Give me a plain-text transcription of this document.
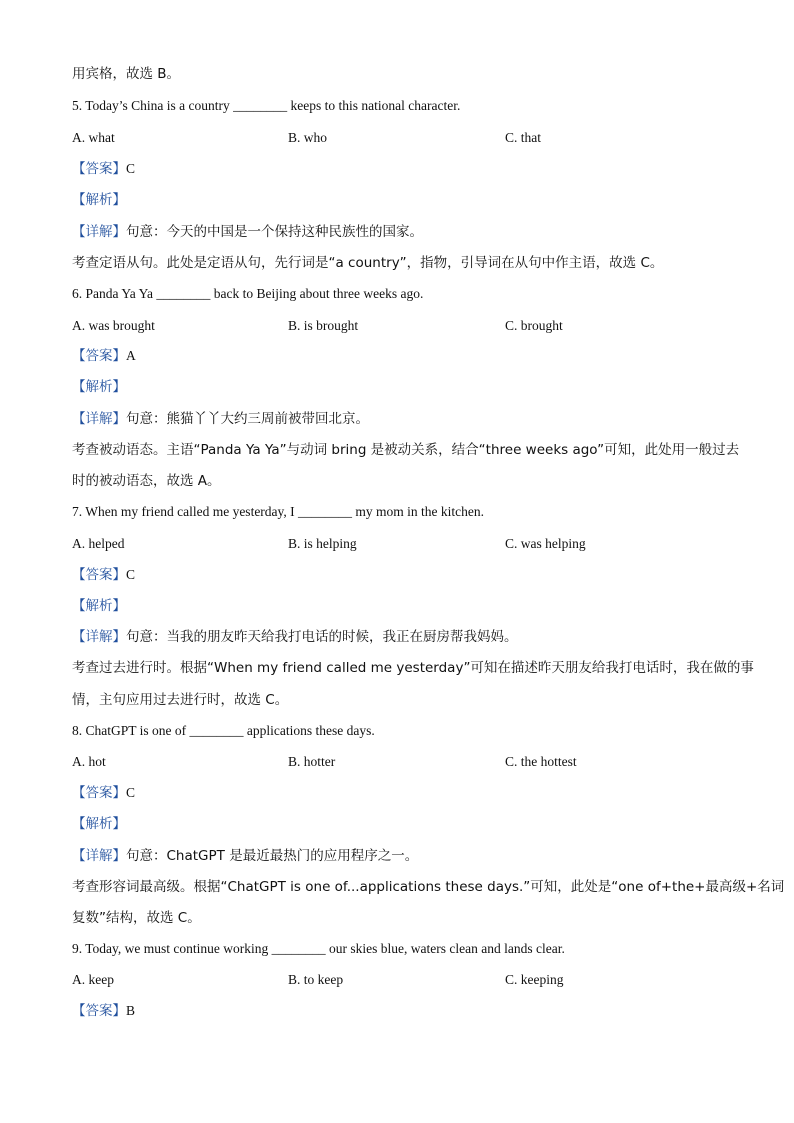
用宾格，故选 B。
5. Today’s China is a country ________ keeps to this national character.
A. what	B. who	C. that
【答案】C
【解析】
【详解】句意：今天的中国是一个保持这种民族性的国家。
考查定语从句。此处是定语从句，先行词是“a country”，指物，引导词在从句中作主语，故选 C。
6. Panda Ya Ya ________ back to Beijing about three weeks ago.
A. was brought	B. is brought	C. brought
【答案】A
【解析】
【详解】句意：熊猫丫丫大约三周前被带回北京。
考查被动语态。主语“Panda Ya Ya”与动词 bring 是被动关系，结合“three weeks ago”可知，此处用一般过去
时的被动语态，故选 A。
7. When my friend called me yesterday, I ________ my mom in the kitchen.
A. helped	B. is helping	C. was helping
【答案】C
【解析】
【详解】句意：当我的朋友昨天给我打电话的时候，我正在厨房帮我妈妈。
考查过去进行时。根据“When my friend called me yesterday”可知在描述昨天朋友给我打电话时，我在做的事
情，主句应用过去进行时，故选 C。
8. ChatGPT is one of ________ applications these days.
A. hot	B. hotter	C. the hottest
【答案】C
【解析】
【详解】句意：ChatGPT 是最近最热门的应用程序之一。
考查形容词最高级。根据“ChatGPT is one of...applications these days.”可知，此处是“one of+the+最高级+名词
复数”结构，故选 C。
9. Today, we must continue working ________ our skies blue, waters clean and lands clear.
A. keep	B. to keep	C. keeping
【答案】B
